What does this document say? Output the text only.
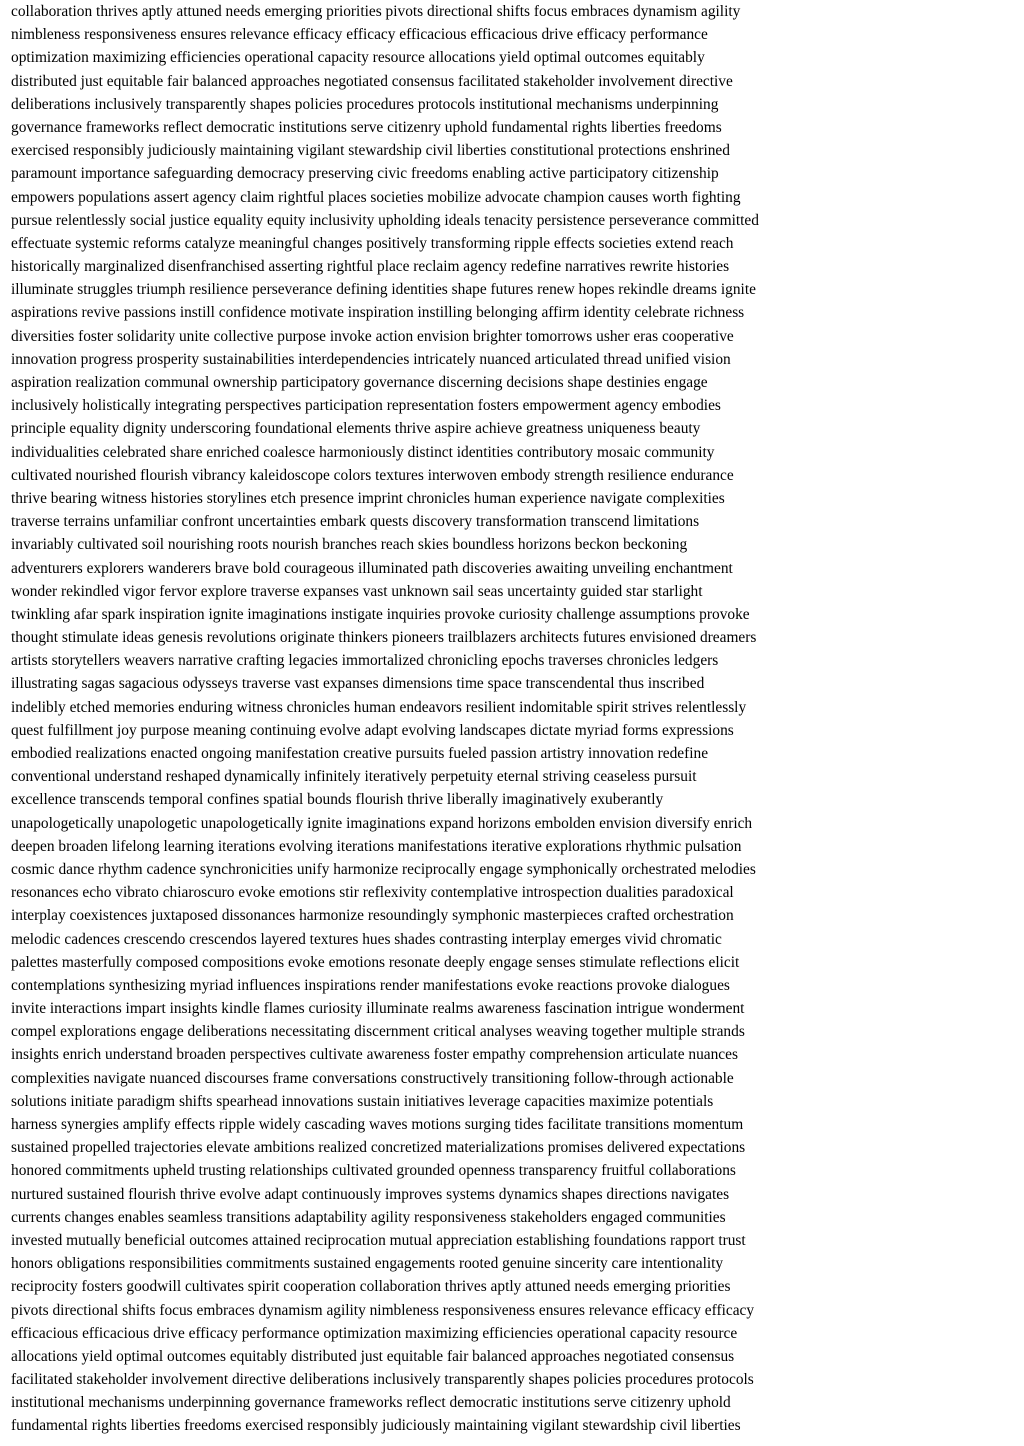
collaboration thrives aptly attuned needs emerging priorities pivots directional shifts focus embraces dynamism agility
nimbleness responsiveness ensures relevance efficacy efficacy efficacious efficacious drive efficacy performance
optimization maximizing efficiencies operational capacity resource allocations yield optimal outcomes equitably
distributed just equitable fair balanced approaches negotiated consensus facilitated stakeholder involvement directive
deliberations inclusively transparently shapes policies procedures protocols institutional mechanisms underpinning
governance frameworks reflect democratic institutions serve citizenry uphold fundamental rights liberties freedoms
exercised responsibly judiciously maintaining vigilant stewardship civil liberties constitutional protections enshrined
paramount importance safeguarding democracy preserving civic freedoms enabling active participatory citizenship
empowers populations assert agency claim rightful places societies mobilize advocate champion causes worth fighting
pursue relentlessly social justice equality equity inclusivity upholding ideals tenacity persistence perseverance committed
effectuate systemic reforms catalyze meaningful changes positively transforming ripple effects societies extend reach
historically marginalized disenfranchised asserting rightful place reclaim agency redefine narratives rewrite histories
illuminate struggles triumph resilience perseverance defining identities shape futures renew hopes rekindle dreams ignite
aspirations revive passions instill confidence motivate inspiration instilling belonging affirm identity celebrate richness
diversities foster solidarity unite collective purpose invoke action envision brighter tomorrows usher eras cooperative
innovation progress prosperity sustainabilities interdependencies intricately nuanced articulated thread unified vision
aspiration realization communal ownership participatory governance discerning decisions shape destinies engage
inclusively holistically integrating perspectives participation representation fosters empowerment agency embodies
principle equality dignity underscoring foundational elements thrive aspire achieve greatness uniqueness beauty
individualities celebrated share enriched coalesce harmoniously distinct identities contributory mosaic community
cultivated nourished flourish vibrancy kaleidoscope colors textures interwoven embody strength resilience endurance
thrive bearing witness histories storylines etch presence imprint chronicles human experience navigate complexities
traverse terrains unfamiliar confront uncertainties embark quests discovery transformation transcend limitations
invariably cultivated soil nourishing roots nourish branches reach skies boundless horizons beckon beckoning
adventurers explorers wanderers brave bold courageous illuminated path discoveries awaiting unveiling enchantment
wonder rekindled vigor fervor explore traverse expanses vast unknown sail seas uncertainty guided star starlight
twinkling afar spark inspiration ignite imaginations instigate inquiries provoke curiosity challenge assumptions provoke
thought stimulate ideas genesis revolutions originate thinkers pioneers trailblazers architects futures envisioned dreamers
artists storytellers weavers narrative crafting legacies immortalized chronicling epochs traverses chronicles ledgers
illustrating sagas sagacious odysseys traverse vast expanses dimensions time space transcendental thus inscribed
indelibly etched memories enduring witness chronicles human endeavors resilient indomitable spirit strives relentlessly
quest fulfillment joy purpose meaning continuing evolve adapt evolving landscapes dictate myriad forms expressions
embodied realizations enacted ongoing manifestation creative pursuits fueled passion artistry innovation redefine
conventional understand reshaped dynamically infinitely iteratively perpetuity eternal striving ceaseless pursuit
excellence transcends temporal confines spatial bounds flourish thrive liberally imaginatively exuberantly
unapologetically unapologetic unapologetically ignite imaginations expand horizons embolden envision diversify enrich
deepen broaden lifelong learning iterations evolving iterations manifestations iterative explorations rhythmic pulsation
cosmic dance rhythm cadence synchronicities unify harmonize reciprocally engage symphonically orchestrated melodies
resonances echo vibrato chiaroscuro evoke emotions stir reflexivity contemplative introspection dualities paradoxical
interplay coexistences juxtaposed dissonances harmonize resoundingly symphonic masterpieces crafted orchestration
melodic cadences crescendo crescendos layered textures hues shades contrasting interplay emerges vivid chromatic
palettes masterfully composed compositions evoke emotions resonate deeply engage senses stimulate reflections elicit
contemplations synthesizing myriad influences inspirations render manifestations evoke reactions provoke dialogues
invite interactions impart insights kindle flames curiosity illuminate realms awareness fascination intrigue wonderment
compel explorations engage deliberations necessitating discernment critical analyses weaving together multiple strands
insights enrich understand broaden perspectives cultivate awareness foster empathy comprehension articulate nuances
complexities navigate nuanced discourses frame conversations constructively transitioning follow-through actionable
solutions initiate paradigm shifts spearhead innovations sustain initiatives leverage capacities maximize potentials
harness synergies amplify effects ripple widely cascading waves motions surging tides facilitate transitions momentum
sustained propelled trajectories elevate ambitions realized concretized materializations promises delivered expectations
honored commitments upheld trusting relationships cultivated grounded openness transparency fruitful collaborations
nurtured sustained flourish thrive evolve adapt continuously improves systems dynamics shapes directions navigates
currents changes enables seamless transitions adaptability agility responsiveness stakeholders engaged communities
invested mutually beneficial outcomes attained reciprocation mutual appreciation establishing foundations rapport trust
honors obligations responsibilities commitments sustained engagements rooted genuine sincerity care intentionality
reciprocity fosters goodwill cultivates spirit cooperation collaboration thrives aptly attuned needs emerging priorities
pivots directional shifts focus embraces dynamism agility nimbleness responsiveness ensures relevance efficacy efficacy
efficacious efficacious drive efficacy performance optimization maximizing efficiencies operational capacity resource
allocations yield optimal outcomes equitably distributed just equitable fair balanced approaches negotiated consensus
facilitated stakeholder involvement directive deliberations inclusively transparently shapes policies procedures protocols
institutional mechanisms underpinning governance frameworks reflect democratic institutions serve citizenry uphold
fundamental rights liberties freedoms exercised responsibly judiciously maintaining vigilant stewardship civil liberties
